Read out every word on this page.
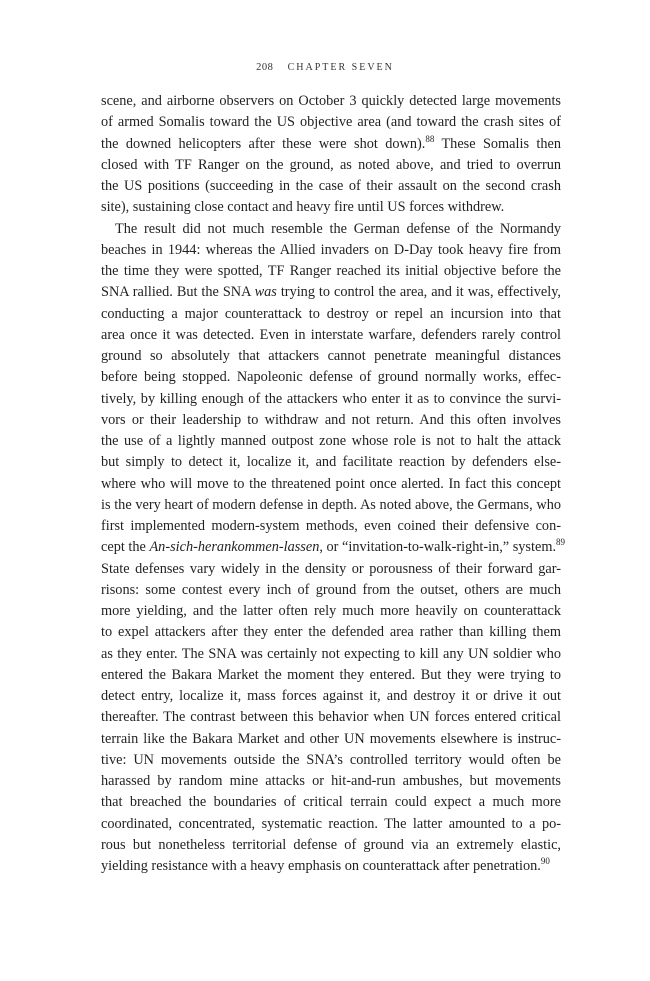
208 CHAPTER SEVEN
scene, and airborne observers on October 3 quickly detected large movements
of armed Somalis toward the US objective area (and toward the crash sites of
the downed helicopters after these were shot down).$^{88}$ These Somalis then
closed with TF Ranger on the ground, as noted above, and tried to overrun
the US positions (succeeding in the case of their assault on the second crash
site), sustaining close contact and heavy fire until US forces withdrew.
The result did not much resemble the German defense of the Normandy
beaches in 1944: whereas the Allied invaders on D-Day took heavy fire from
the time they were spotted, TF Ranger reached its initial objective before the
SNA rallied. But the SNA was trying to control the area, and it was, effectively,
conducting a major counterattack to destroy or repel an incursion into that
area once it was detected. Even in interstate warfare, defenders rarely control
ground so absolutely that attackers cannot penetrate meaningful distances
before being stopped. Napoleonic defense of ground normally works, effec-
tively, by killing enough of the attackers who enter it as to convince the survi-
vors or their leadership to withdraw and not return. And this often involves
the use of a lightly manned outpost zone whose role is not to halt the attack
but simply to detect it, localize it, and facilitate reaction by defenders else-
where who will move to the threatened point once alerted. In fact this concept
is the very heart of modern defense in depth. As noted above, the Germans, who
first implemented modern-system methods, even coined their defensive con-
cept the An-sich-herankommen-lassen, or “invitation-to-walk-right-in,” system.$^{89}$
State defenses vary widely in the density or porousness of their forward gar-
risons: some contest every inch of ground from the outset, others are much
more yielding, and the latter often rely much more heavily on counterattack
to expel attackers after they enter the defended area rather than killing them
as they enter. The SNA was certainly not expecting to kill any UN soldier who
entered the Bakara Market the moment they entered. But they were trying to
detect entry, localize it, mass forces against it, and destroy it or drive it out
thereafter. The contrast between this behavior when UN forces entered critical
terrain like the Bakara Market and other UN movements elsewhere is instruc-
tive: UN movements outside the SNA’s controlled territory would often be
harassed by random mine attacks or hit-and-run ambushes, but movements
that breached the boundaries of critical terrain could expect a much more
coordinated, concentrated, systematic reaction. The latter amounted to a po-
rous but nonetheless territorial defense of ground via an extremely elastic,
yielding resistance with a heavy emphasis on counterattack after penetration.$^{90}$
